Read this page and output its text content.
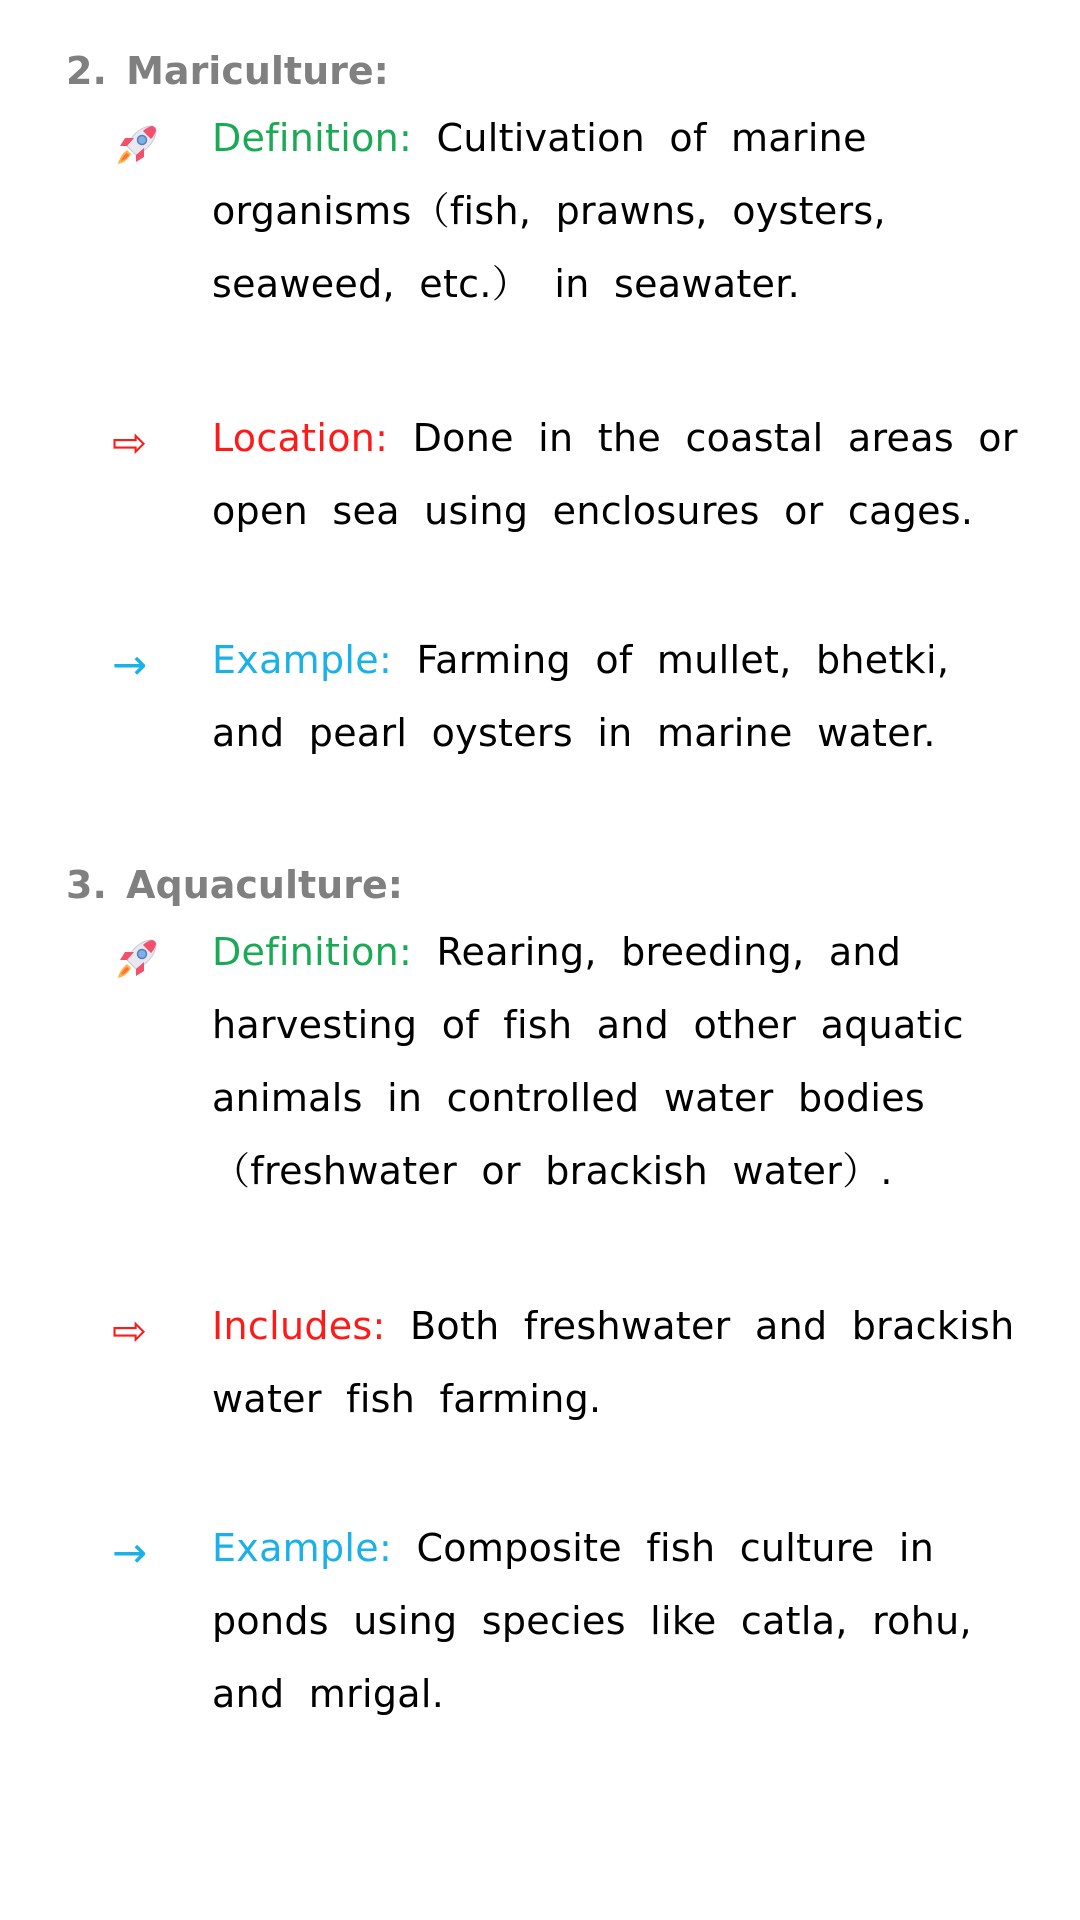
2. Mariculture:
Definition: Cultivation of marine
organisms（fish, prawns, oysters,
seaweed, etc.） in seawater.
⇨ Location: Done in the coastal areas or
open sea using enclosures or cages.
→ Example: Farming of mullet, bhetki,
and pearl oysters in marine water.
3. Aquaculture:
Definition: Rearing, breeding, and
harvesting of fish and other aquatic
animals in controlled water bodies
（freshwater or brackish water）.
⇨ Includes: Both freshwater and brackish
water fish farming.
→ Example: Composite fish culture in
ponds using species like catla, rohu,
and mrigal.
